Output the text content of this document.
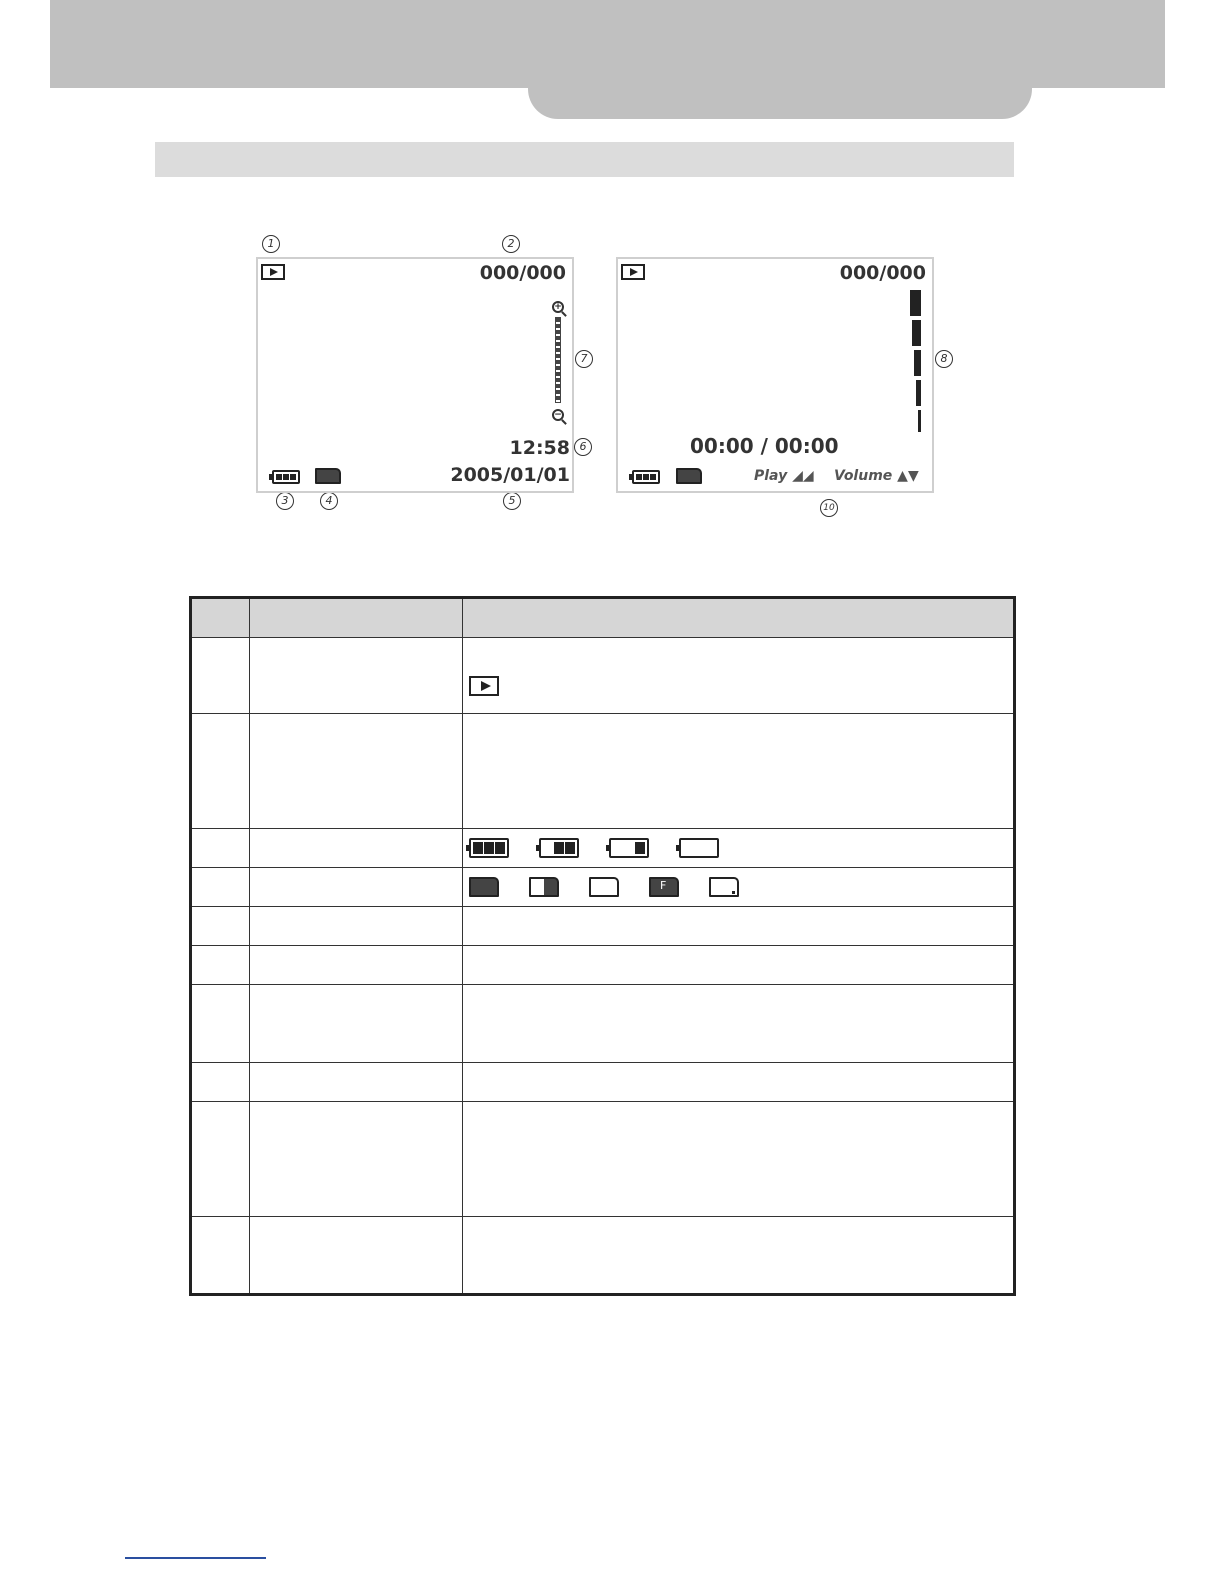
1	2
3	4	5
6
7
000/000
+
−
12:58
2005/01/01
8
10
000/000
00:00 / 00:00
Play ◢◢ Volume ▲▼

		F
